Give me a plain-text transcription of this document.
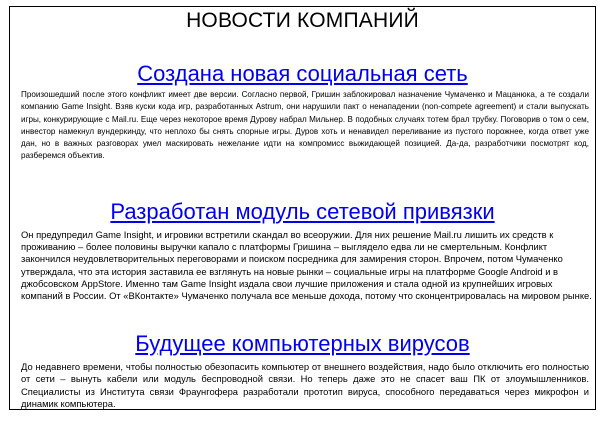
НОВОСТИ КОМПАНИЙ
Создана новая социальная сеть

Произошедший после этого конфликт имеет две версии. Согласно первой, Гришин заблокировал назначение Чумаченко и Мацанюка, а те создали компанию Game Insight. Взяв куски кода игр, разработанных Astrum, они нарушили пакт о ненападении (non-compete agreement) и стали выпускать игры, конкурирующие с Mail.ru. Еще через некоторое время Дурову набрал Мильнер. В подобных случаях тотем брал трубку. Поговорив о том о сем, инвестор намекнул вундеркинду, что неплохо бы снять спорные игры. Дуров хоть и ненавидел переливание из пустого порожнее, когда ответ уже дан, но в важных разговорах умел маскировать нежелание идти на компромисс выжидающей позицией. Да-да, разработчики посмотрят код, разберемся объектив.

Разработан модуль сетевой привязки

Он предупредил Game Insight, и игровики встретили скандал во всеоружии. Для них решение Mail.ru лишить их средств к проживанию – более половины выручки капало с платформы Гришина – выглядело едва ли не смертельным. Конфликт закончился неудовлетворительных переговорами и поиском посредника для замирения сторон. Впрочем, потом Чумаченко утверждала, что эта история заставила ее взглянуть на новые рынки – социальные игры на платформе Google Android и в джобсовском AppStore. Именно там Game Insight издала свои лучшие приложения и стала одной из крупнейших игровых компаний в России. От «ВКонтакте» Чумаченко получала все меньше дохода, потому что сконцентрировалась на мировом рынке.

Будущее компьютерных вирусов

До недавнего времени, чтобы полностью обезопасить компьютер от внешнего воздействия, надо было отключить его полностью от сети – вынуть кабели или модуль беспроводной связи. Но теперь даже это не спасет ваш ПК от злоумышленников. Специалисты из Института связи Фраунгофера разработали прототип вируса, способного передаваться через микрофон и динамик компьютера.
